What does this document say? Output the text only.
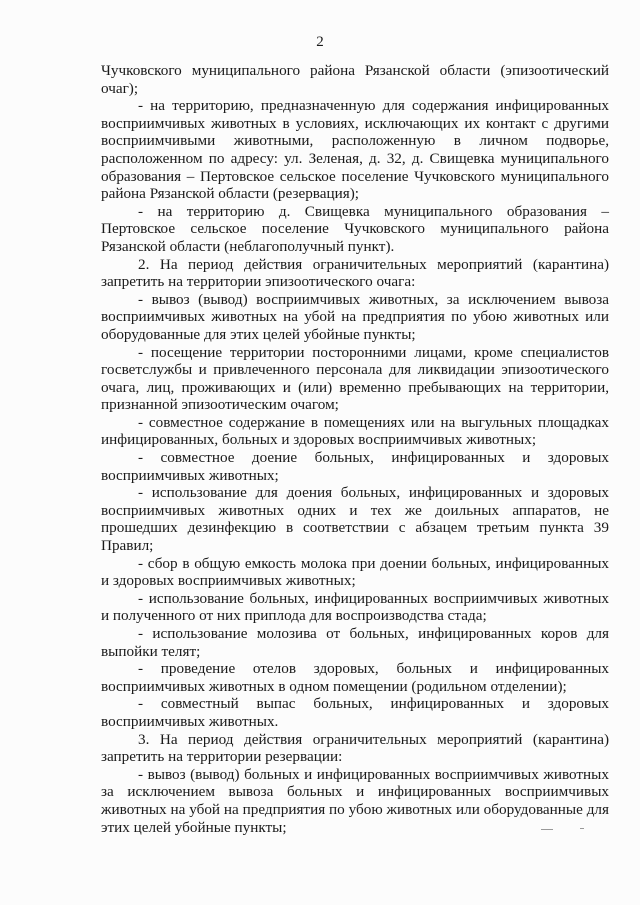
2

Чучковского муниципального района Рязанской области (эпизоотический очаг);

- на территорию, предназначенную для содержания инфицированных восприимчивых животных в условиях, исключающих их контакт с другими восприимчивыми животными, расположенную в личном подворье, расположенном по адресу: ул. Зеленая, д. 32, д. Свищевка муниципального образования – Пертовское сельское поселение Чучковского муниципального района Рязанской области (резервация);

- на территорию д. Свищевка муниципального образования – Пертовское сельское поселение Чучковского муниципального района Рязанской области (неблагополучный пункт).

2. На период действия ограничительных мероприятий (карантина) запретить на территории эпизоотического очага:

- вывоз (вывод) восприимчивых животных, за исключением вывоза восприимчивых животных на убой на предприятия по убою животных или оборудованные для этих целей убойные пункты;

- посещение территории посторонними лицами, кроме специалистов госветслужбы и привлеченного персонала для ликвидации эпизоотического очага, лиц, проживающих и (или) временно пребывающих на территории, признанной эпизоотическим очагом;

- совместное содержание в помещениях или на выгульных площадках инфицированных, больных и здоровых восприимчивых животных;

- совместное доение больных, инфицированных и здоровых восприимчивых животных;

- использование для доения больных, инфицированных и здоровых восприимчивых животных одних и тех же доильных аппаратов, не прошедших дезинфекцию в соответствии с абзацем третьим пункта 39 Правил;

- сбор в общую емкость молока при доении больных, инфицированных и здоровых восприимчивых животных;

- использование больных, инфицированных восприимчивых животных и полученного от них приплода для воспроизводства стада;

- использование молозива от больных, инфицированных коров для выпойки телят;

- проведение отелов здоровых, больных и инфицированных восприимчивых животных в одном помещении (родильном отделении);

- совместный выпас больных, инфицированных и здоровых восприимчивых животных.

3. На период действия ограничительных мероприятий (карантина) запретить на территории резервации:

- вывоз (вывод) больных и инфицированных восприимчивых животных за исключением вывоза больных и инфицированных восприимчивых животных на убой на предприятия по убою животных или оборудованные для этих целей убойные пункты;
